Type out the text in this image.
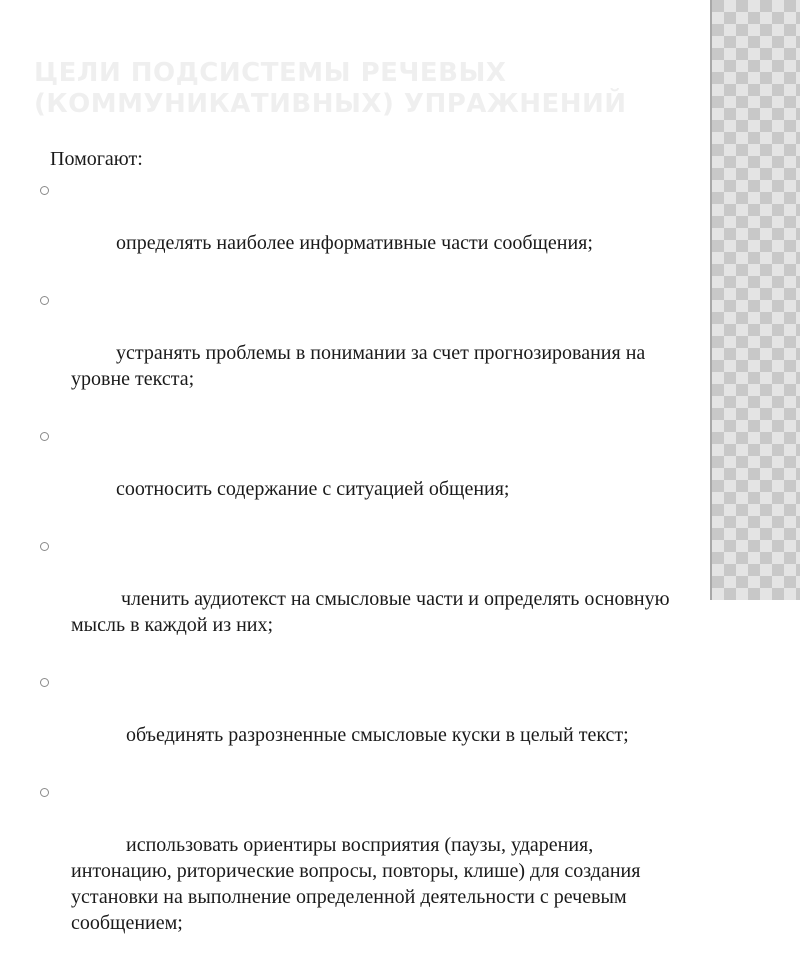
ЦЕЛИ ПОДСИСТЕМЫ РЕЧЕВЫХ (КОММУНИКАТИВНЫХ) УПРАЖНЕНИЙ

Помогают:

определять наиболее информативные части сообщения;

устранять проблемы в понимании за счет прогнозирования на уровне текста;

соотносить содержание с ситуацией общения;

членить аудиотекст на смысловые части и определять основную мысль в каждой из них;

объединять разрозненные смысловые куски в целый текст;

использовать ориентиры восприятия (паузы, ударения, интонацию, риторические вопросы, повторы, клише) для создания установки на выполнение определенной деятельности с речевым сообщением;
